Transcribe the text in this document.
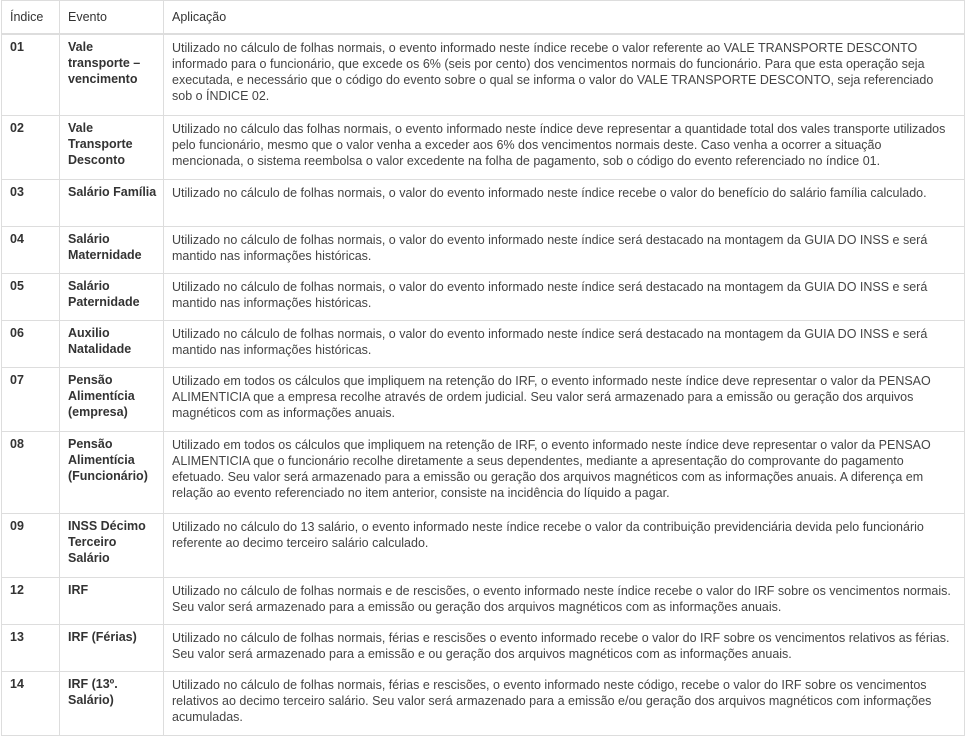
Índice	Evento	Aplicação
01	Vale transporte – vencimento	Utilizado no cálculo de folhas normais, o evento informado neste índice recebe o valor referente ao VALE TRANSPORTE DESCONTO informado para o funcionário, que excede os 6% (seis por cento) dos vencimentos normais do funcionário. Para que esta operação seja executada, e necessário que o código do evento sobre o qual se informa o valor do VALE TRANSPORTE DESCONTO, seja referenciado sob o ÍNDICE 02.
02	Vale Transporte Desconto	Utilizado no cálculo das folhas normais, o evento informado neste índice deve representar a quantidade total dos vales transporte utilizados pelo funcionário, mesmo que o valor venha a exceder aos 6% dos vencimentos normais deste. Caso venha a ocorrer a situação mencionada, o sistema reembolsa o valor excedente na folha de pagamento, sob o código do evento referenciado no índice 01.
03	Salário Família	Utilizado no cálculo de folhas normais, o valor do evento informado neste índice recebe o valor do benefício do salário família calculado.
04	Salário Maternidade	Utilizado no cálculo de folhas normais, o valor do evento informado neste índice será destacado na montagem da GUIA DO INSS e será mantido nas informações históricas.
05	Salário Paternidade	Utilizado no cálculo de folhas normais, o valor do evento informado neste índice será destacado na montagem da GUIA DO INSS e será mantido nas informações históricas.
06	Auxilio Natalidade	Utilizado no cálculo de folhas normais, o valor do evento informado neste índice será destacado na montagem da GUIA DO INSS e será mantido nas informações históricas.
07	Pensão Alimentícia (empresa)	Utilizado em todos os cálculos que impliquem na retenção do IRF, o evento informado neste índice deve representar o valor da PENSAO ALIMENTICIA que a empresa recolhe através de ordem judicial. Seu valor será armazenado para a emissão ou geração dos arquivos magnéticos com as informações anuais.
08	Pensão Alimentícia (Funcionário)	Utilizado em todos os cálculos que impliquem na retenção de IRF, o evento informado neste índice deve representar o valor da PENSAO ALIMENTICIA que o funcionário recolhe diretamente a seus dependentes, mediante a apresentação do comprovante do pagamento efetuado. Seu valor será armazenado para a emissão ou geração dos arquivos magnéticos com as informações anuais. A diferença em relação ao evento referenciado no item anterior, consiste na incidência do líquido a pagar.
09	INSS Décimo Terceiro Salário	Utilizado no cálculo do 13 salário, o evento informado neste índice recebe o valor da contribuição previdenciária devida pelo funcionário referente ao decimo terceiro salário calculado.
12	IRF	Utilizado no cálculo de folhas normais e de rescisões, o evento informado neste índice recebe o valor do IRF sobre os vencimentos normais. Seu valor será armazenado para a emissão ou geração dos arquivos magnéticos com as informações anuais.
13	IRF (Férias)	Utilizado no cálculo de folhas normais, férias e rescisões o evento informado recebe o valor do IRF sobre os vencimentos relativos as férias. Seu valor será armazenado para a emissão e ou geração dos arquivos magnéticos com as informações anuais.
14	IRF (13º. Salário)	Utilizado no cálculo de folhas normais, férias e rescisões, o evento informado neste código, recebe o valor do IRF sobre os vencimentos relativos ao decimo terceiro salário. Seu valor será armazenado para a emissão e/ou geração dos arquivos magnéticos com informações acumuladas.
